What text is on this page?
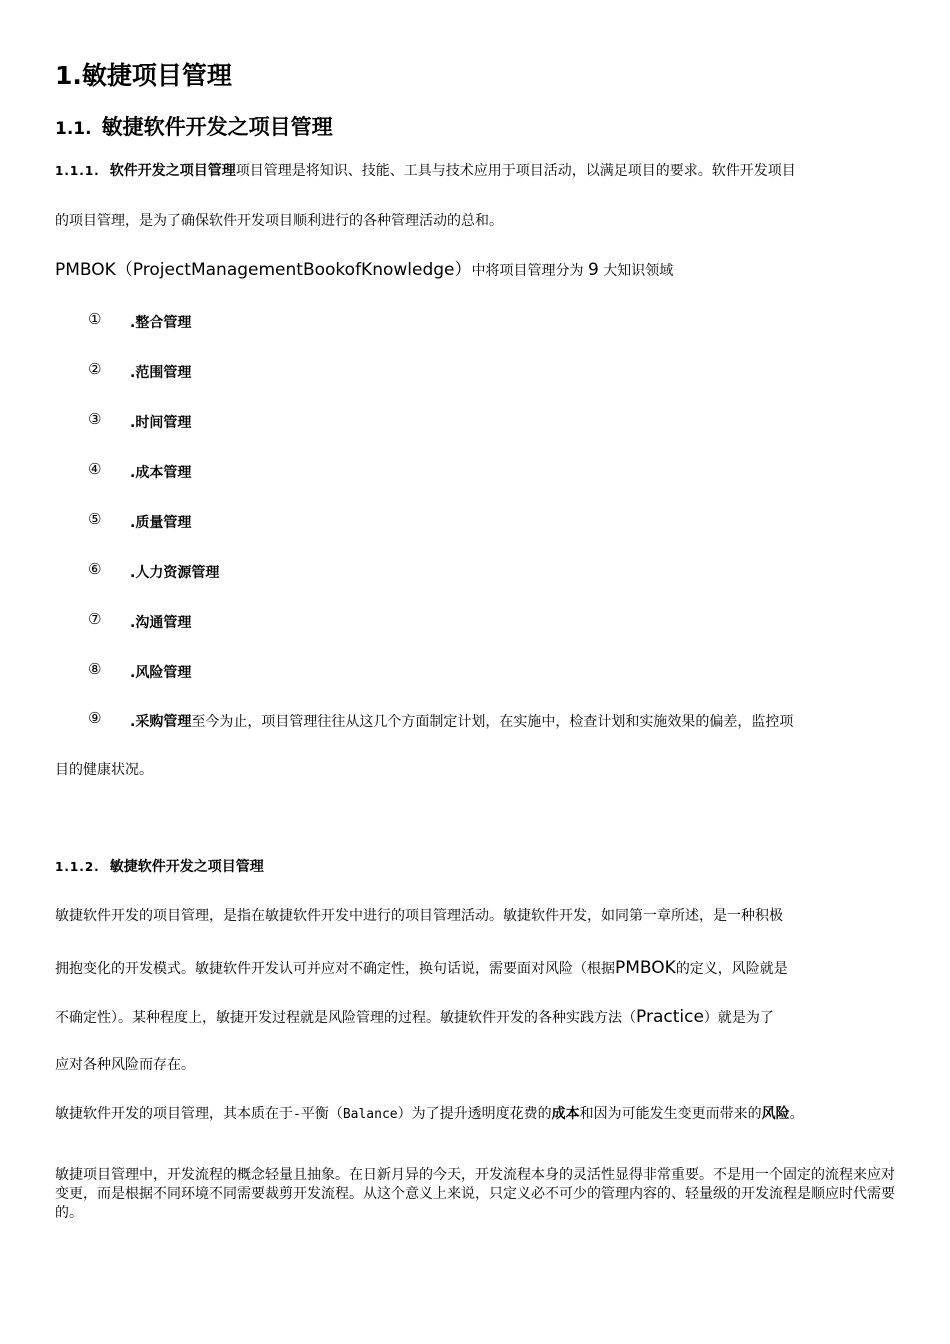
1.敏捷项目管理
1.1. 敏捷软件开发之项目管理
1.1.1. 软件开发之项目管理项目管理是将知识、技能、工具与技术应用于项目活动，以满足项目的要求。软件开发项目
的项目管理，是为了确保软件开发项目顺利进行的各种管理活动的总和。
PMBOK（ProjectManagementBookofKnowledge）中将项目管理分为 9 大知识领域
① .整合管理
② .范围管理
③ .时间管理
④ .成本管理
⑤ .质量管理
⑥ .人力资源管理
⑦ .沟通管理
⑧ .风险管理
⑨ .采购管理至今为止，项目管理往往从这几个方面制定计划，在实施中，检查计划和实施效果的偏差，监控项
目的健康状况。
1.1.2. 敏捷软件开发之项目管理
敏捷软件开发的项目管理，是指在敏捷软件开发中进行的项目管理活动。敏捷软件开发，如同第一章所述，是一种积极
拥抱变化的开发模式。敏捷软件开发认可并应对不确定性，换句话说，需要面对风险（根据PMBOK的定义，风险就是
不确定性）。某种程度上，敏捷开发过程就是风险管理的过程。敏捷软件开发的各种实践方法（Practice）就是为了
应对各种风险而存在。
敏捷软件开发的项目管理，其本质在于-平衡（Balance）为了提升透明度花费的成本和因为可能发生变更而带来的风险。
敏捷项目管理中，开发流程的概念轻量且抽象。在日新月异的今天，开发流程本身的灵活性显得非常重要。不是用一个固定的流程来应对变更，而是根据不同环境不同需要裁剪开发流程。从这个意义上来说，只定义必不可少的管理内容的、轻量级的开发流程是顺应时代需要的。
